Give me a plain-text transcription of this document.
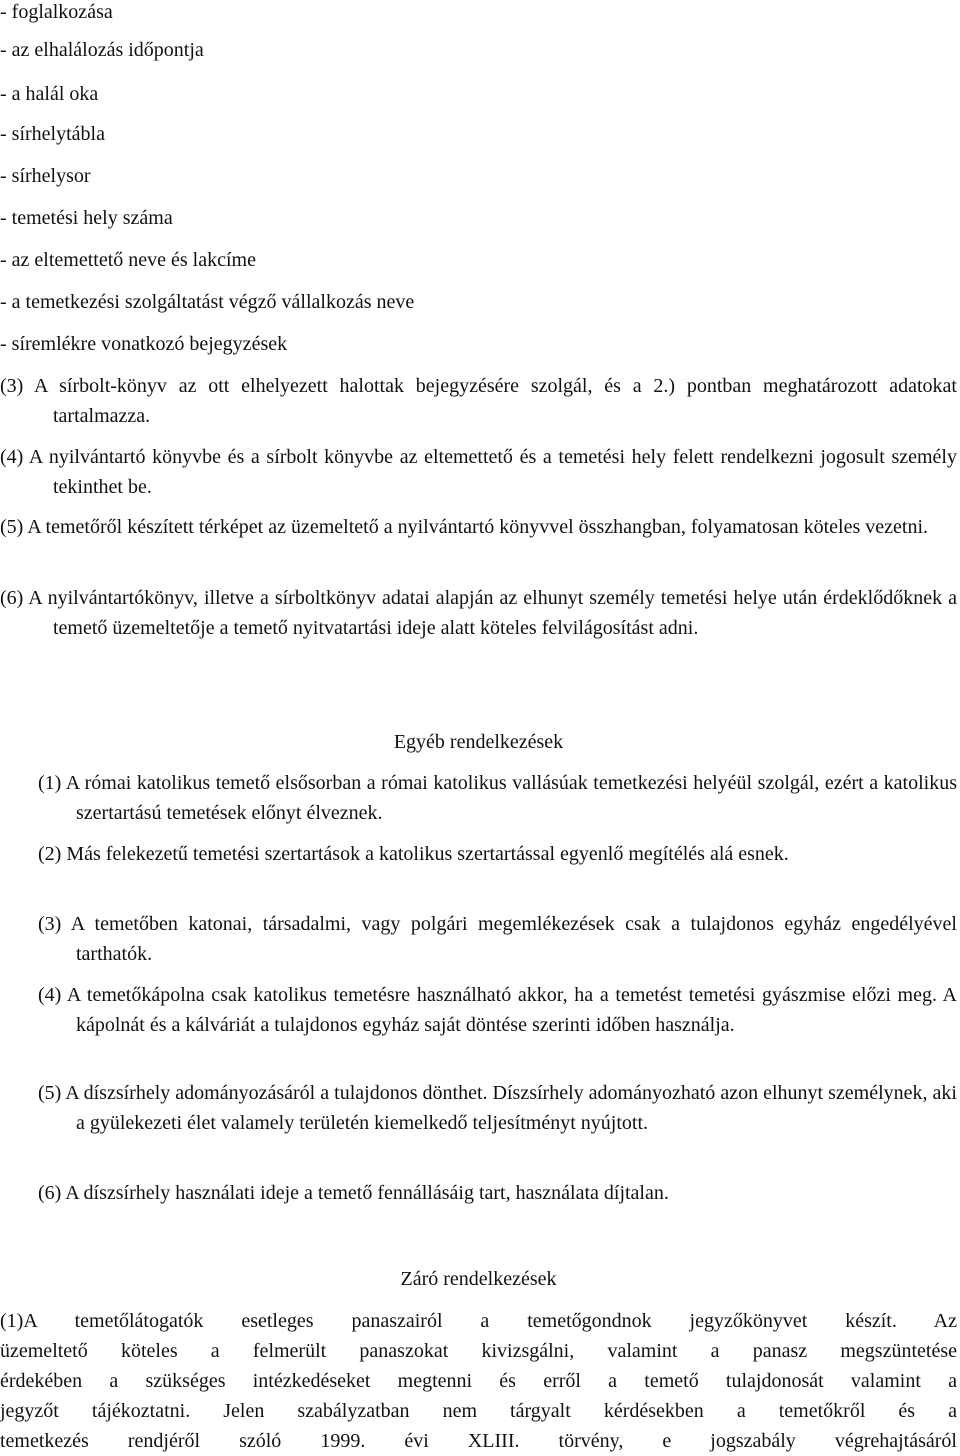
- foglalkozása
- az elhalálozás időpontja
- a halál oka
- sírhelytábla
- sírhelysor
- temetési hely száma
- az eltemettető neve és lakcíme
- a temetkezési szolgáltatást végző vállalkozás neve
- síremlékre vonatkozó bejegyzések

(3) A sírbolt-könyv az ott elhelyezett halottak bejegyzésére szolgál, és a 2.) pontban meghatározott adatokat tartalmazza.

(4) A nyilvántartó könyvbe és a sírbolt könyvbe az eltemettető és a temetési hely felett rendelkezni jogosult személy tekinthet be.

(5) A temetőről készített térképet az üzemeltető a nyilvántartó könyvvel összhangban, folyamatosan köteles vezetni.

(6) A nyilvántartókönyv, illetve a sírboltkönyv adatai alapján az elhunyt személy temetési helye után érdeklődőknek a temető üzemeltetője a temető nyitvatartási ideje alatt köteles felvilágosítást adni.

Egyéb rendelkezések

(1) A római katolikus temető elsősorban a római katolikus vallásúak temetkezési helyéül szolgál, ezért a katolikus szertartású temetések előnyt élveznek.

(2) Más felekezetű temetési szertartások a katolikus szertartással egyenlő megítélés alá esnek.

(3) A temetőben katonai, társadalmi, vagy polgári megemlékezések csak a tulajdonos egyház engedélyével tarthatók.

(4) A temetőkápolna csak katolikus temetésre használható akkor, ha a temetést temetési gyászmise előzi meg. A kápolnát és a kálváriát a tulajdonos egyház saját döntése szerinti időben használja.

(5) A díszsírhely adományozásáról a tulajdonos dönthet. Díszsírhely adományozható azon elhunyt személynek, aki a gyülekezeti élet valamely területén kiemelkedő teljesítményt nyújtott.

(6) A díszsírhely használati ideje a temető fennállásáig tart, használata díjtalan.

Záró rendelkezések
(1)A temetőlátogatók esetleges panaszairól a temetőgondnok jegyzőkönyvet készít. Az
üzemeltető köteles a felmerült panaszokat kivizsgálni, valamint a panasz megszüntetése
érdekében a szükséges intézkedéseket megtenni és erről a temető tulajdonosát valamint a
jegyzőt tájékoztatni. Jelen szabályzatban nem tárgyalt kérdésekben a temetőkről és a
temetkezés rendjéről szóló 1999. évi XLIII. törvény, e jogszabály végrehajtásáról
